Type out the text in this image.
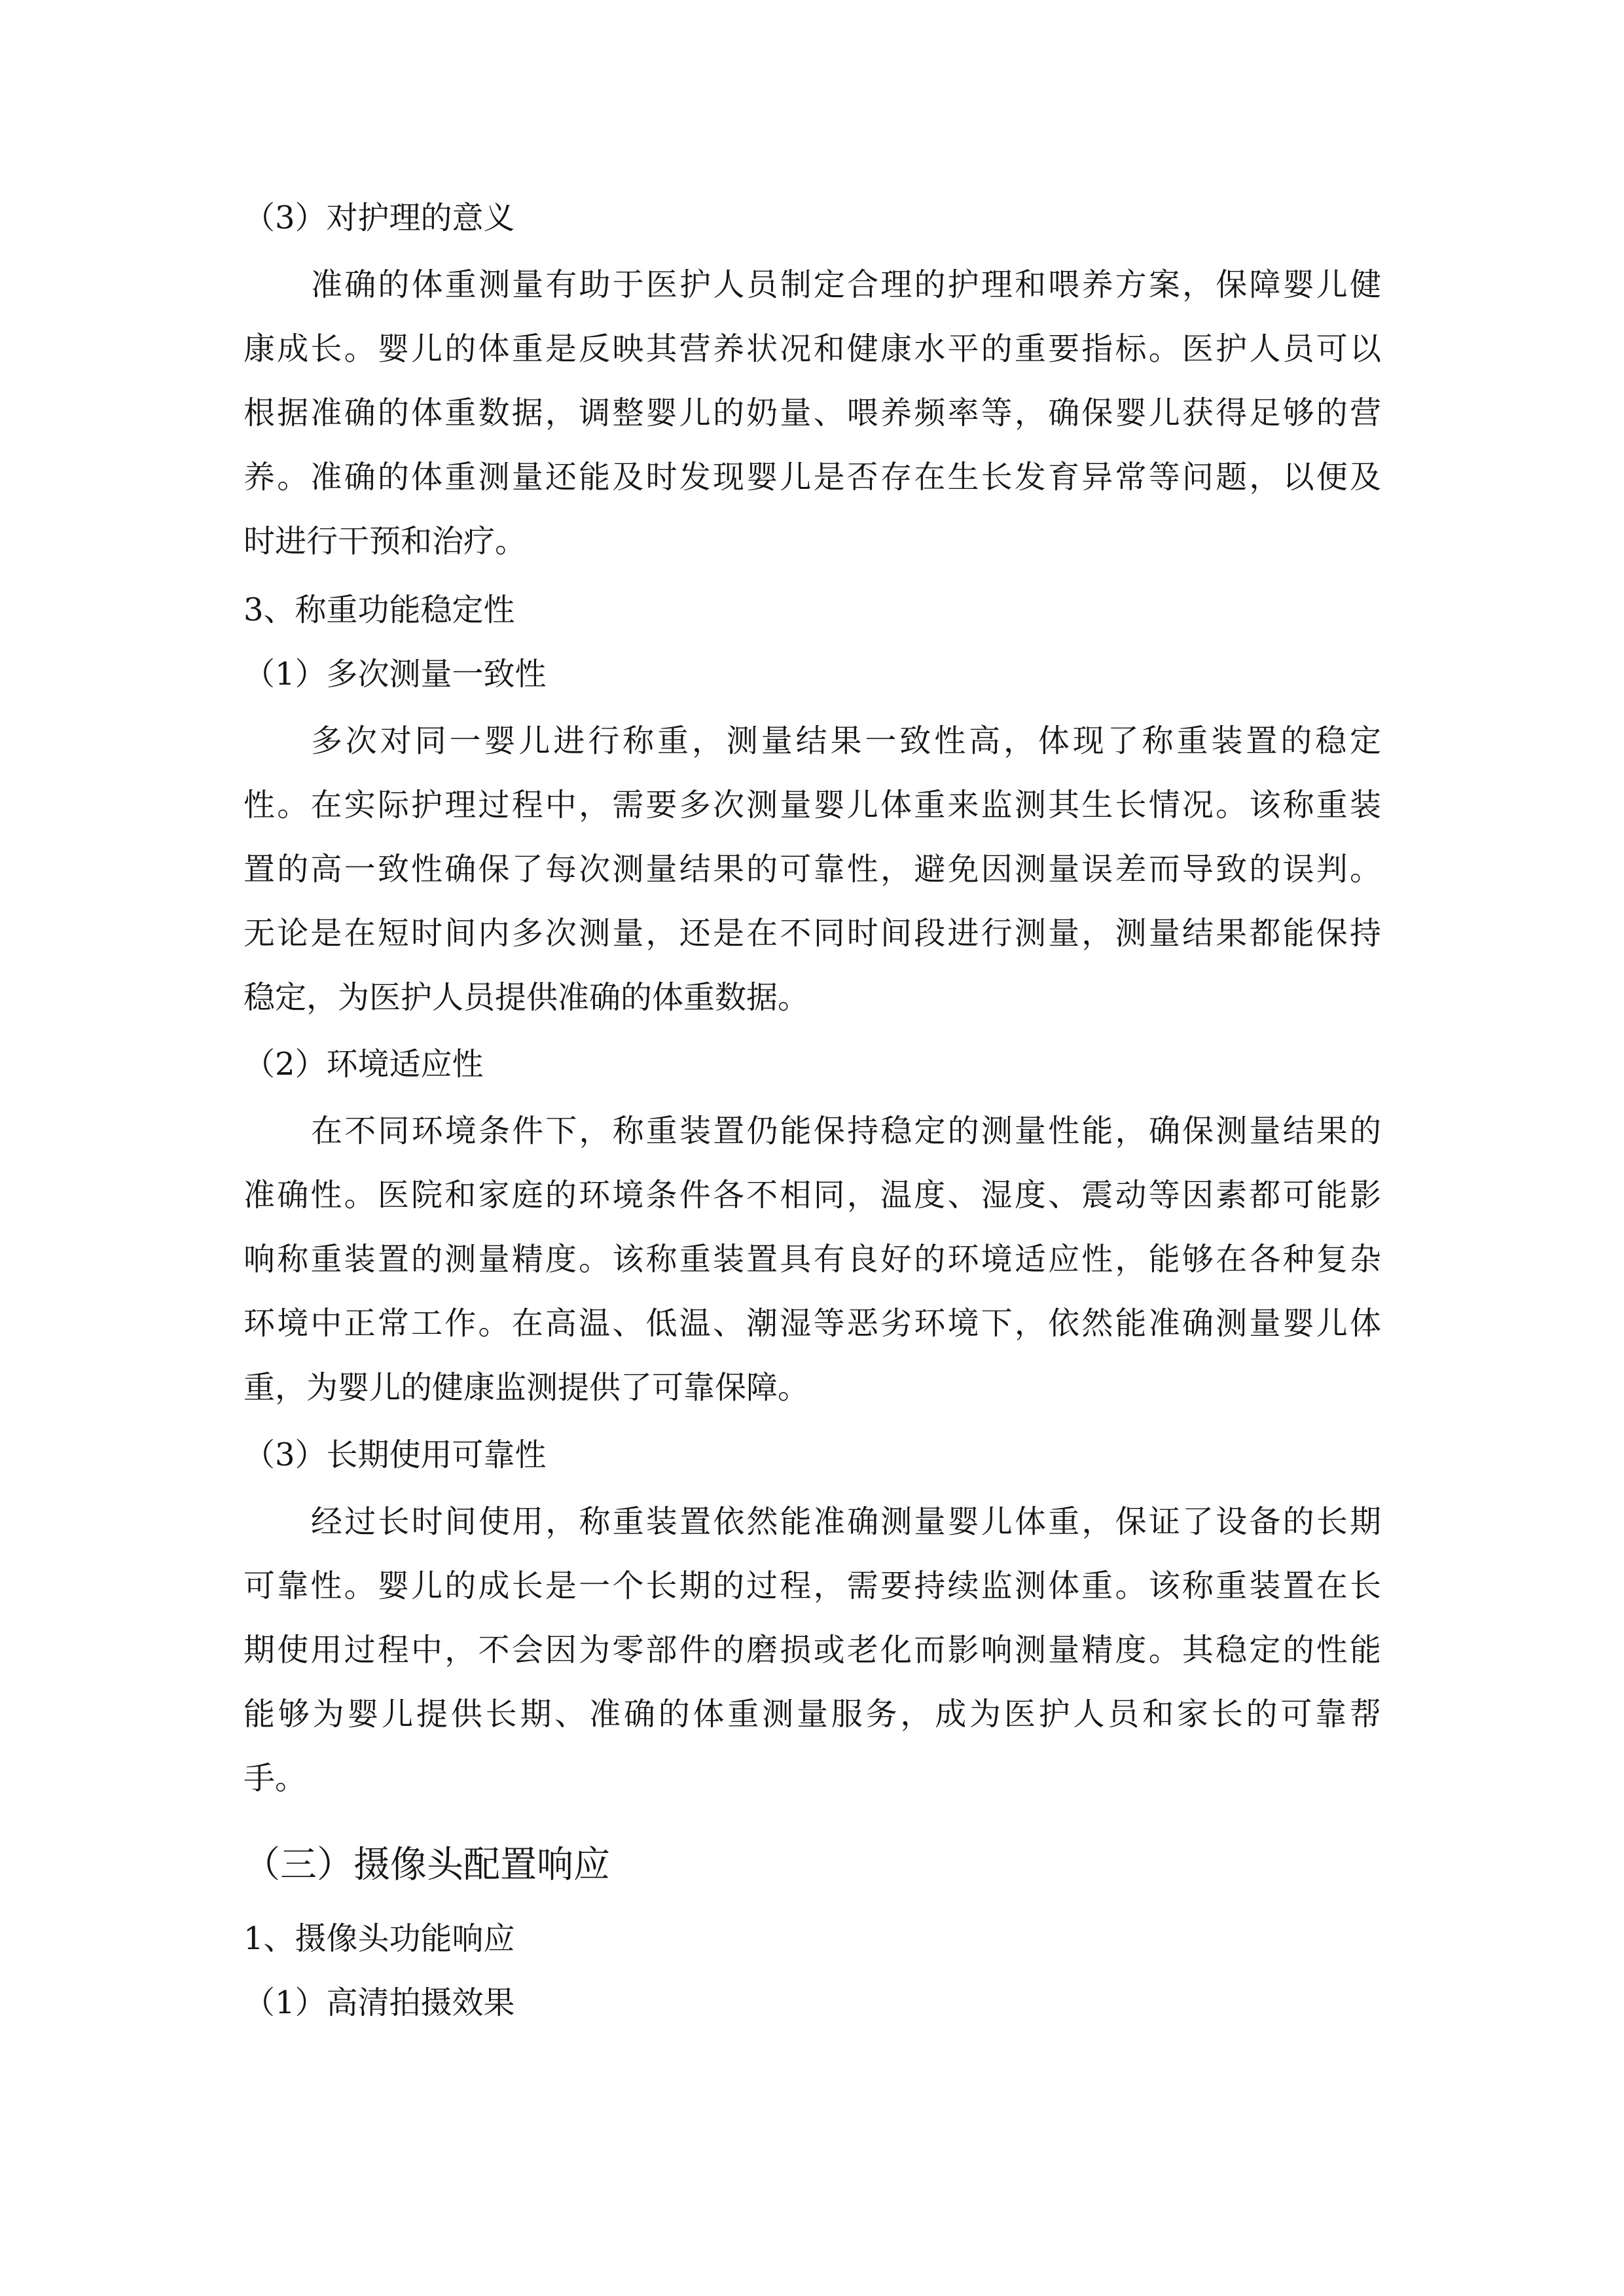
（3）对护理的意义

准确的体重测量有助于医护人员制定合理的护理和喂养方案，保障婴儿健

康成长。婴儿的体重是反映其营养状况和健康水平的重要指标。医护人员可以

根据准确的体重数据，调整婴儿的奶量、喂养频率等，确保婴儿获得足够的营

养。准确的体重测量还能及时发现婴儿是否存在生长发育异常等问题，以便及

时进行干预和治疗。

3、称重功能稳定性

（1）多次测量一致性

多次对同一婴儿进行称重，测量结果一致性高，体现了称重装置的稳定

性。在实际护理过程中，需要多次测量婴儿体重来监测其生长情况。该称重装

置的高一致性确保了每次测量结果的可靠性，避免因测量误差而导致的误判。

无论是在短时间内多次测量，还是在不同时间段进行测量，测量结果都能保持

稳定，为医护人员提供准确的体重数据。

（2）环境适应性

在不同环境条件下，称重装置仍能保持稳定的测量性能，确保测量结果的

准确性。医院和家庭的环境条件各不相同，温度、湿度、震动等因素都可能影

响称重装置的测量精度。该称重装置具有良好的环境适应性，能够在各种复杂

环境中正常工作。在高温、低温、潮湿等恶劣环境下，依然能准确测量婴儿体

重，为婴儿的健康监测提供了可靠保障。

（3）长期使用可靠性

经过长时间使用，称重装置依然能准确测量婴儿体重，保证了设备的长期

可靠性。婴儿的成长是一个长期的过程，需要持续监测体重。该称重装置在长

期使用过程中，不会因为零部件的磨损或老化而影响测量精度。其稳定的性能

能够为婴儿提供长期、准确的体重测量服务，成为医护人员和家长的可靠帮

手。

（三）摄像头配置响应

1、摄像头功能响应

（1）高清拍摄效果
